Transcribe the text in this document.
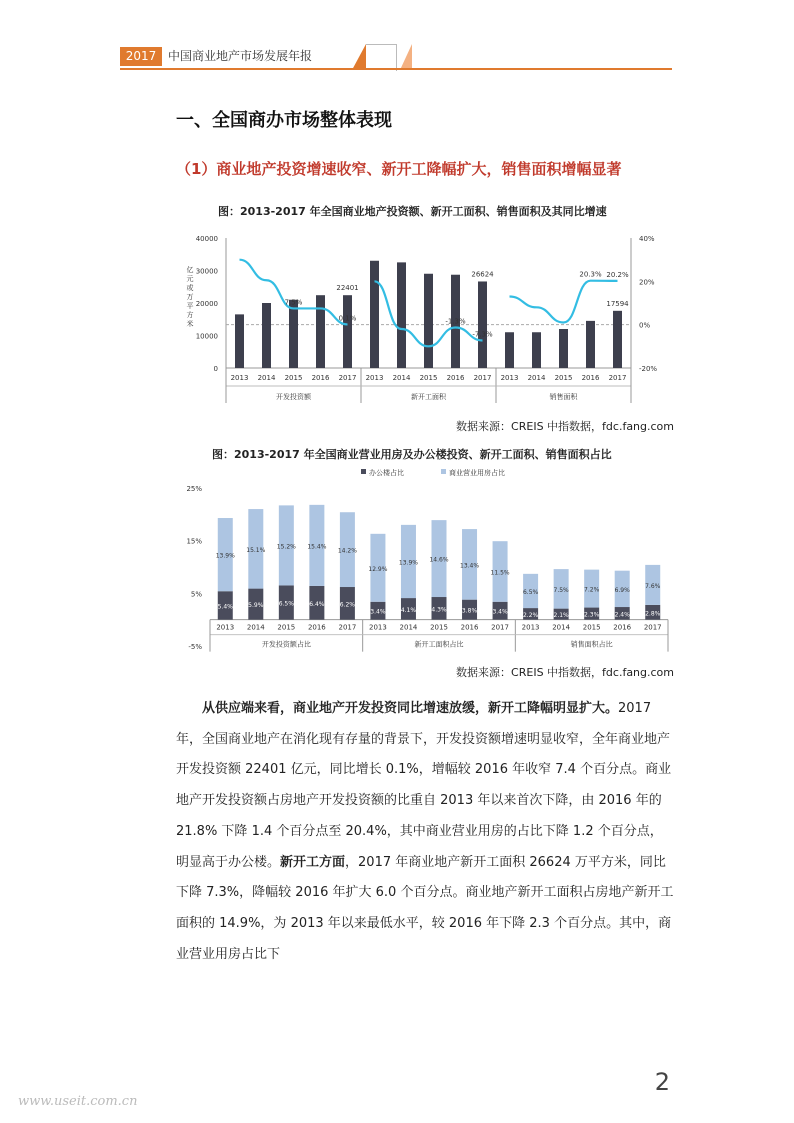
2017 中国商业地产市场发展年报
一、全国商办市场整体表现
（1）商业地产投资增速收窄、新开工降幅扩大，销售面积增幅显著
图：2013-2017 年全国商业地产投资额、新开工面积、销售面积及其同比增速
0
10000
20000
30000
40000
-20%
0%
20%
40%
亿
元
或
万
平
方
米
2013 2014 2015 2016 2017
22401
7.5%
0.1%
开发投资额
2013 2014 2015 2016 2017
26624
-1.3%
-7.3%
新开工面积
2013 2014 2015 2016 2017
17594
20.3% 20.2%
销售面积
数据来源：CREIS 中指数据，fdc.fang.com
图：2013-2017 年全国商业营业用房及办公楼投资、新开工面积、销售面积占比
办公楼占比	商业营业用房占比
-5%
5%
15%
25%
5.4%
13.9%
2013
5.9%
15.1%
2014
6.5%
15.2%
2015
6.4%
15.4%
2016
6.2%
14.2%
2017
开发投资额占比
3.4%
12.9%
2013
4.1%
13.9%
2014
4.3%
14.6%
2015
3.8%
13.4%
2016
3.4%
11.5%
2017
新开工面积占比
2.2%
6.5%
2013
2.1%
7.5%
2014
2.3%
7.2%
2015
2.4%
6.9%
2016
2.8%
7.6%
2017
销售面积占比
数据来源：CREIS 中指数据，fdc.fang.com

从供应端来看，商业地产开发投资同比增速放缓，新开工降幅明显扩大。2017 年，全国商业地产在消化现有存量的背景下，开发投资额增速明显收窄，全年商业地产开发投资额 22401 亿元，同比增长 0.1%，增幅较 2016 年收窄 7.4 个百分点。商业地产开发投资额占房地产开发投资额的比重自 2013 年以来首次下降，由 2016 年的 21.8% 下降 1.4 个百分点至 20.4%，其中商业营业用房的占比下降 1.2 个百分点，明显高于办公楼。新开工方面，2017 年商业地产新开工面积 26624 万平方米，同比下降 7.3%，降幅较 2016 年扩大 6.0 个百分点。商业地产新开工面积占房地产新开工面积的 14.9%，为 2013 年以来最低水平，较 2016 年下降 2.3 个百分点。其中，商业营业用房占比下

2
www.useit.com.cn
